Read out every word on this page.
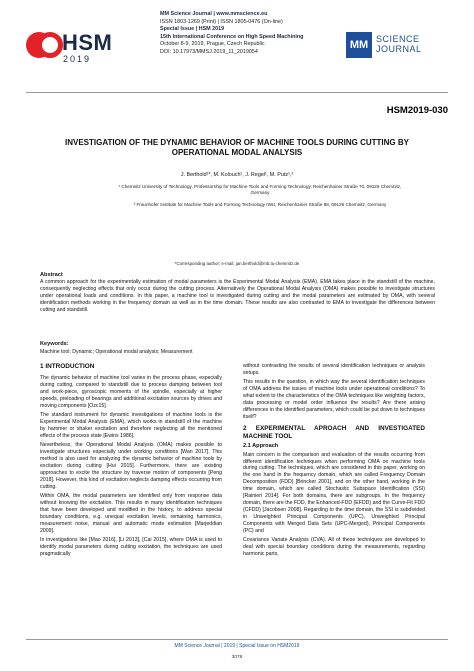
HSM
2019
MM Science Journal | www.mmscience.eu
ISSN 1803-1269 (Print) | ISSN 1805-0476 (On-line)
Special Issue | HSM 2019
15th International Conference on High Speed Machining
October 8-9, 2019, Prague, Czech Republic
DOI: 10.17973/MMSJ.2019_11_2019054
MM SCIENCE
JOURNAL
HSM2019-030
INVESTIGATION OF THE DYNAMIC BEHAVIOR OF MACHINE TOOLS DURING CUTTING BY OPERATIONAL MODAL ANALYSIS
J. Berthold¹*, M. Kolouch², J. Regel¹, M. Putz¹,²
¹ Chemnitz University of Technology, Professorship for Machine Tools and Forming Technology, Reichenhainer Straße 70, 09126 Chemnitz, Germany
² Fraunhofer Institute for Machine Tools and Forming Technology IWU, Reichenhainer Straße 88, 09126 Chemnitz, Germany
*Corresponding author; e-mail: jan.berthold@mb.tu-chemnitz.de
Abstract
A common approach for the experimentally estimation of modal parameters is the Experimental Modal Analysis (EMA). EMA takes place in the standstill of the machine, consequently neglecting effects that only occur during the cutting process. Alternatively the Operational Modal Analysis (OMA) makes possible to investigate structures under operational loads and conditions. In this paper, a machine tool is investigated during cutting and the modal parameters are estimated by OMA, with several identification methods working in the frequency domain as well as in the time domain. These results are also contrasted to EMA to investigate the differences between cutting and standstill.
Keywords:
Machine tool; Dynamic; Operational modal analysis; Measurement
1 INTRODUCTION

The dynamic behavior of machine tool varies in the process phase, especially during cutting, compared to standstill due to process damping between tool and work-piece, gyroscopic moments of the spindle, especially at higher speeds, preloading of bearings and additional excitation sources by drives and moving components [Ozc15].

The standard instrument for dynamic investigations of machine tools is the Experimental Modal Analysis (EMA), which works in standstill of the machine by hammer or shaker excitation and therefore neglecting all the mentioned effects of the process state [Ewins 1986].

Nevertheless, the Operational Modal Analysis (OMA) makes possible to investigate structures especially under working conditions [Wan 2017]. This method is also used for analyzing the dynamic behavior of machine tools by excitation during cutting [Hui 2015]. Furthermore, there are existing approaches to excite the structure by traverse motion of components [Peng 2018]. However, this kind of excitation neglects damping effects occurring from cutting.

Within OMA, the modal parameters are identified only from response data without knowing the excitation. This results in many identification techniques that have been developed and modified in the history, to address special boundary conditions, e.g. unequal excitation levels, remaining harmonics, measurement noise, manual and automatic mode estimation [Marjeddian 2009].

In investigations like [Mao 2016], [Li 2013], [Cai 2015], where OMA is used to identify modal parameters during cutting excitation, the techniques are used pragmatically

without contrasting the results of several identification techniques or analysis setups.

This results in the question, in which way the several identification techniques of OMA address the issues of machine tools under operational conditions? To what extent to the characteristics of the OMA techniques like weighting factors, data processing or model order influence the results? Are there arising differences in the identified parameters, which could be put down to techniques itself?

2 EXPERIMENTAL APROACH AND INVESTIGATED MACHINE TOOL
2.1 Approach

Main concern is the comparison and evaluation of the results occurring from different identification techniques when performing OMA on machine tools during cutting. The techniques, which are considered in this paper, working on the one hand in the frequency domain, which are called Frequency Domain Decomposition (FDD) [Brincker 2001], and on the other hand, working in the time domain, which are called Stochastic Subspace Identification (SSI) [Rainieri 2014]. For both domains, there are subgroups. In the frequency domain, there are the FDD, the Enhanced-FDD (EFDD) and the Curve-Fit FDD (CFDD) [Jacobsen 2008]. Regarding to the time domain, the SSI is subdivided in Unweighted Principal Components (UPC), Unweighted Principal Components with Merged Data Sets (UPC-Merged), Principal Components (PC) and

Covariance Variate Analysis (CVA). All of these techniques are developed to deal with special boundary conditions during the measurements, regarding harmonic parts,

MM Science Journal | 2019 | Special Issue on HSM2019
3078
